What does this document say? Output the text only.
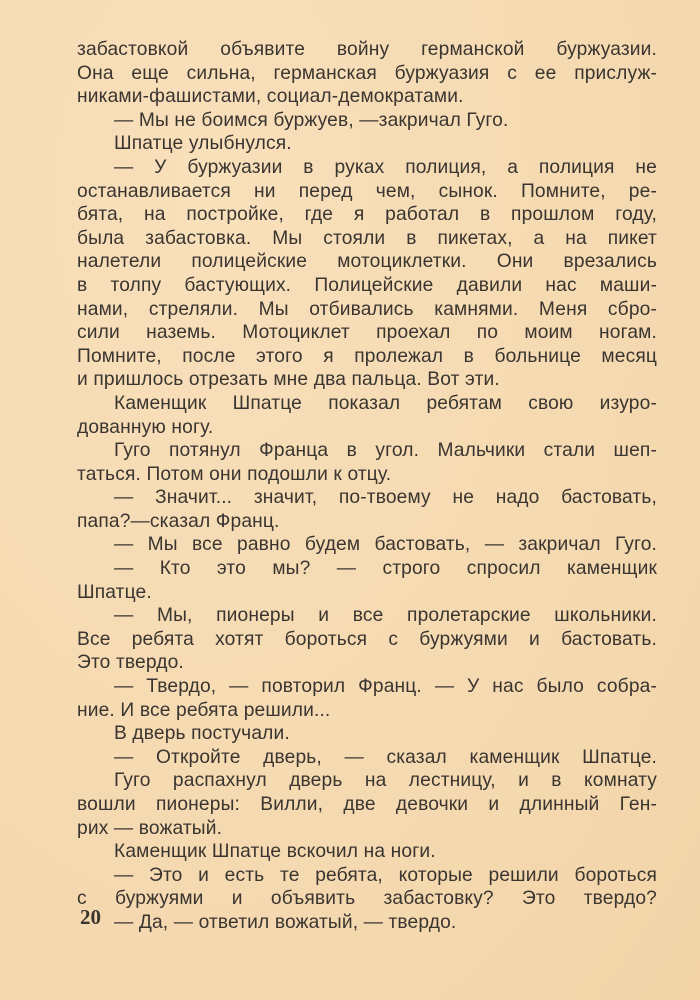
забастовкой объявите войну германской буржуазии.
Она еще сильна, германская буржуазия с ее прислуж-
никами-фашистами, социал-демократами.
— Мы не боимся буржуев, —закричал Гуго.
Шпатце улыбнулся.
— У буржуазии в руках полиция, а полиция не
останавливается ни перед чем, сынок. Помните, ре-
бята, на постройке, где я работал в прошлом году,
была забастовка. Мы стояли в пикетах, а на пикет
налетели полицейские мотоциклетки. Они врезались
в толпу бастующих. Полицейские давили нас маши-
нами, стреляли. Мы отбивались камнями. Меня сбро-
сили наземь. Мотоциклет проехал по моим ногам.
Помните, после этого я пролежал в больнице месяц
и пришлось отрезать мне два пальца. Вот эти.
Каменщик Шпатце показал ребятам свою изуро-
дованную ногу.
Гуго потянул Франца в угол. Мальчики стали шеп-
таться. Потом они подошли к отцу.
— Значит... значит, по-твоему не надо бастовать,
папа?—сказал Франц.
— Мы все равно будем бастовать, — закричал Гуго.
— Кто это мы? — строго спросил каменщик
Шпатце.
— Мы, пионеры и все пролетарские школьники.
Все ребята хотят бороться с буржуями и бастовать.
Это твердо.
— Твердо, — повторил Франц. — У нас было собра-
ние. И все ребята решили...
В дверь постучали.
— Откройте дверь, — сказал каменщик Шпатце.
Гуго распахнул дверь на лестницу, и в комнату
вошли пионеры: Вилли, две девочки и длинный Ген-
рих — вожатый.
Каменщик Шпатце вскочил на ноги.
— Это и есть те ребята, которые решили бороться
с буржуями и объявить забастовку? Это твердо?
— Да, — ответил вожатый, — твердо.
20
